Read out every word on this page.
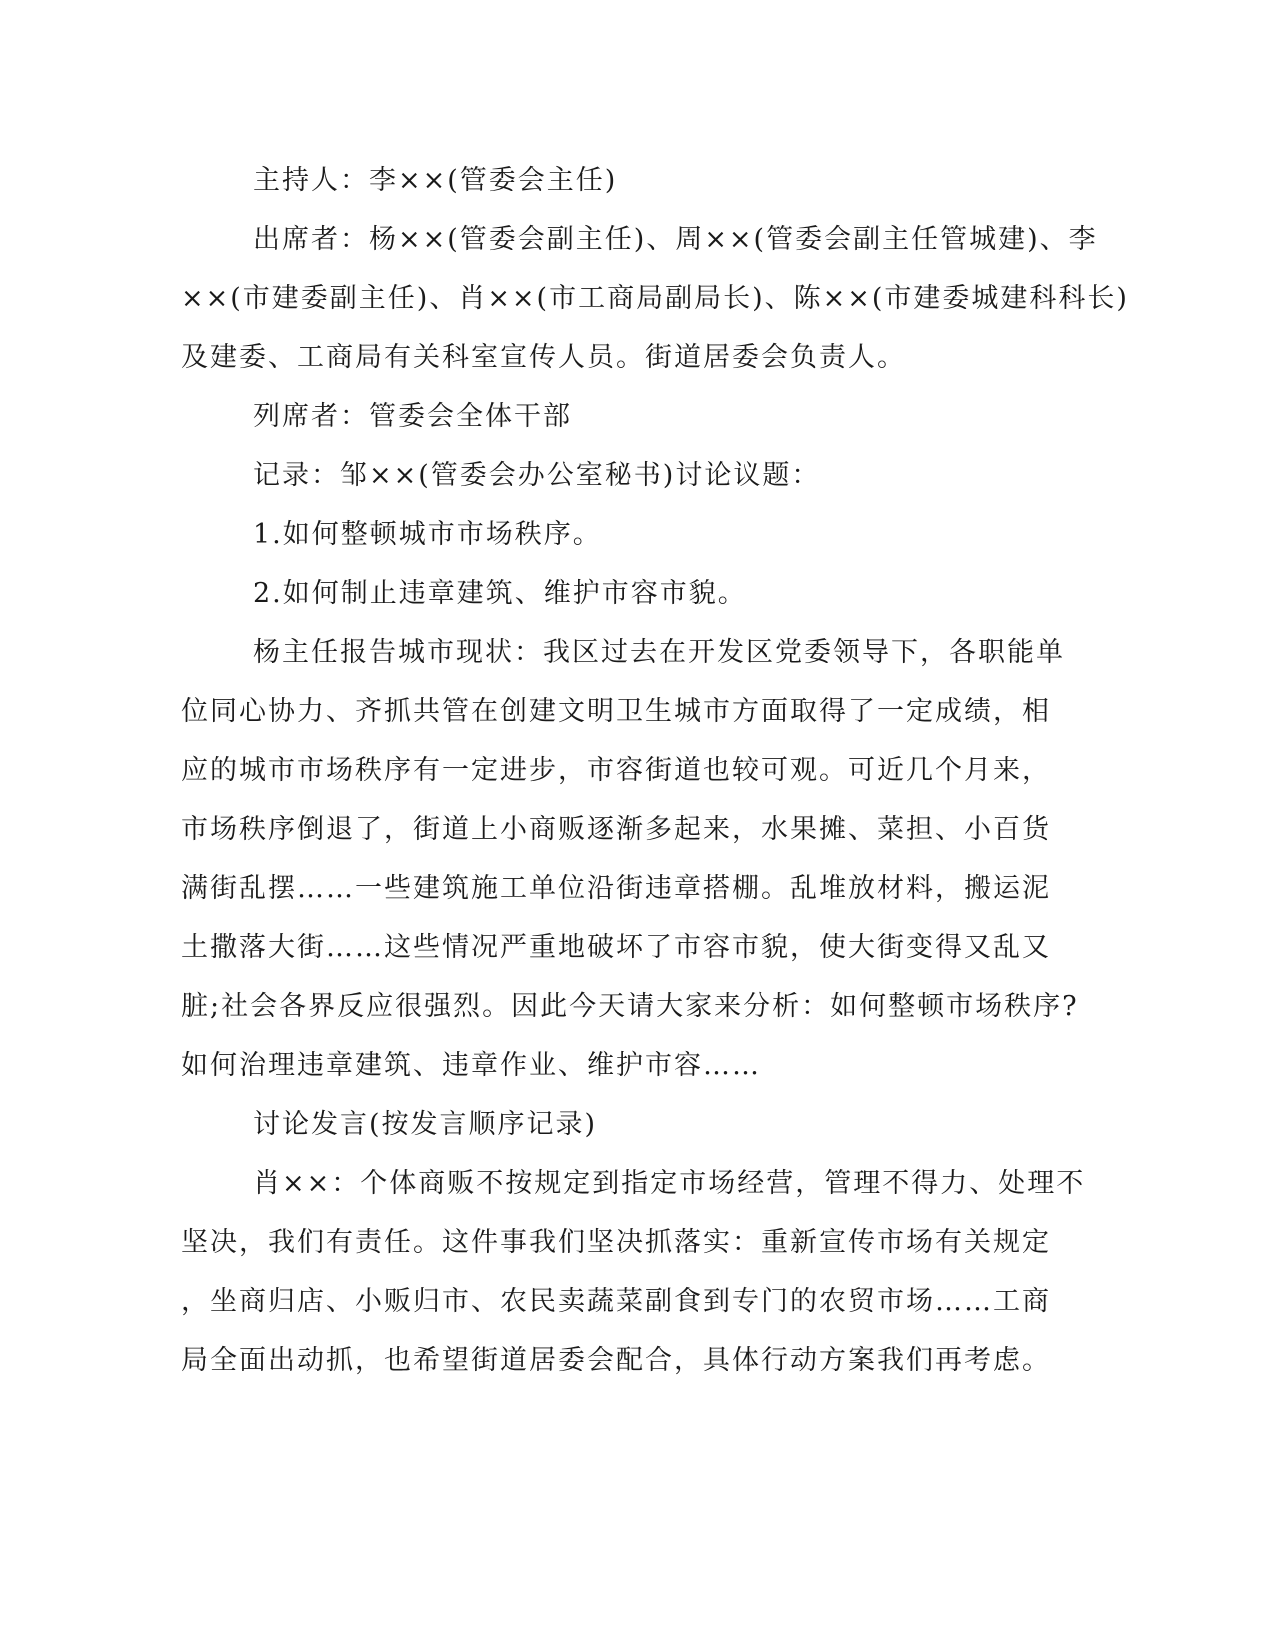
主持人：李××(管委会主任)
出席者：杨××(管委会副主任)、周××(管委会副主任管城建)、李
××(市建委副主任)、肖××(市工商局副局长)、陈××(市建委城建科科长)
及建委、工商局有关科室宣传人员。街道居委会负责人。
列席者：管委会全体干部
记录：邹××(管委会办公室秘书)讨论议题：
1.如何整顿城市市场秩序。
2.如何制止违章建筑、维护市容市貌。
杨主任报告城市现状：我区过去在开发区党委领导下，各职能单
位同心协力、齐抓共管在创建文明卫生城市方面取得了一定成绩，相
应的城市市场秩序有一定进步，市容街道也较可观。可近几个月来，
市场秩序倒退了，街道上小商贩逐渐多起来，水果摊、菜担、小百货
满街乱摆……一些建筑施工单位沿街违章搭棚。乱堆放材料，搬运泥
土撒落大街……这些情况严重地破坏了市容市貌，使大街变得又乱又
脏;社会各界反应很强烈。因此今天请大家来分析：如何整顿市场秩序?
如何治理违章建筑、违章作业、维护市容……
讨论发言(按发言顺序记录)
肖××：个体商贩不按规定到指定市场经营，管理不得力、处理不
坚决，我们有责任。这件事我们坚决抓落实：重新宣传市场有关规定
，坐商归店、小贩归市、农民卖蔬菜副食到专门的农贸市场……工商
局全面出动抓，也希望街道居委会配合，具体行动方案我们再考虑。
